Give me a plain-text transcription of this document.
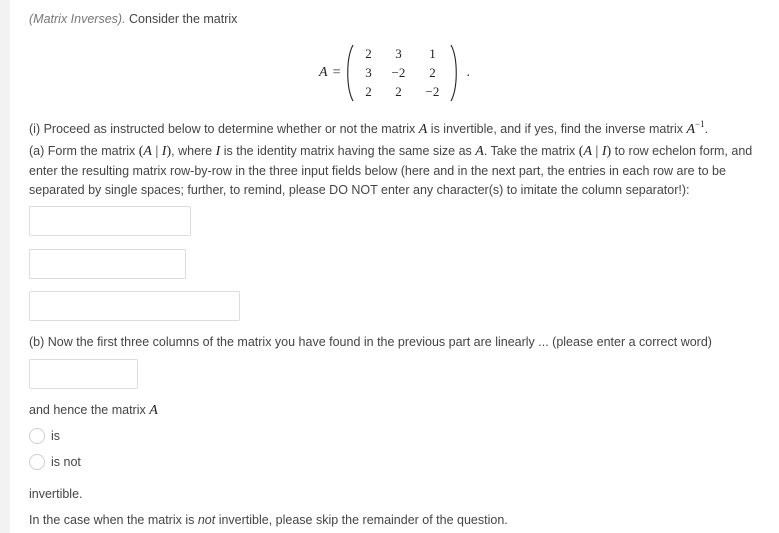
(Matrix Inverses). Consider the matrix
A =
2	3	1
3	−2	2
2	2	−2
.
(i) Proceed as instructed below to determine whether or not the matrix A is invertible, and if yes, find the inverse matrix $A^{-1}$.
(a) Form the matrix (A | I), where I is the identity matrix having the same size as A. Take the matrix (A | I) to row echelon form, and enter the resulting matrix row-by-row in the three input fields below (here and in the next part, the entries in each row are to be separated by single spaces; further, to remind, please DO NOT enter any character(s) to imitate the column separator!):
(b) Now the first three columns of the matrix you have found in the previous part are linearly ... (please enter a correct word)
and hence the matrix A
is
is not
invertible.
In the case when the matrix is not invertible, please skip the remainder of the question.
